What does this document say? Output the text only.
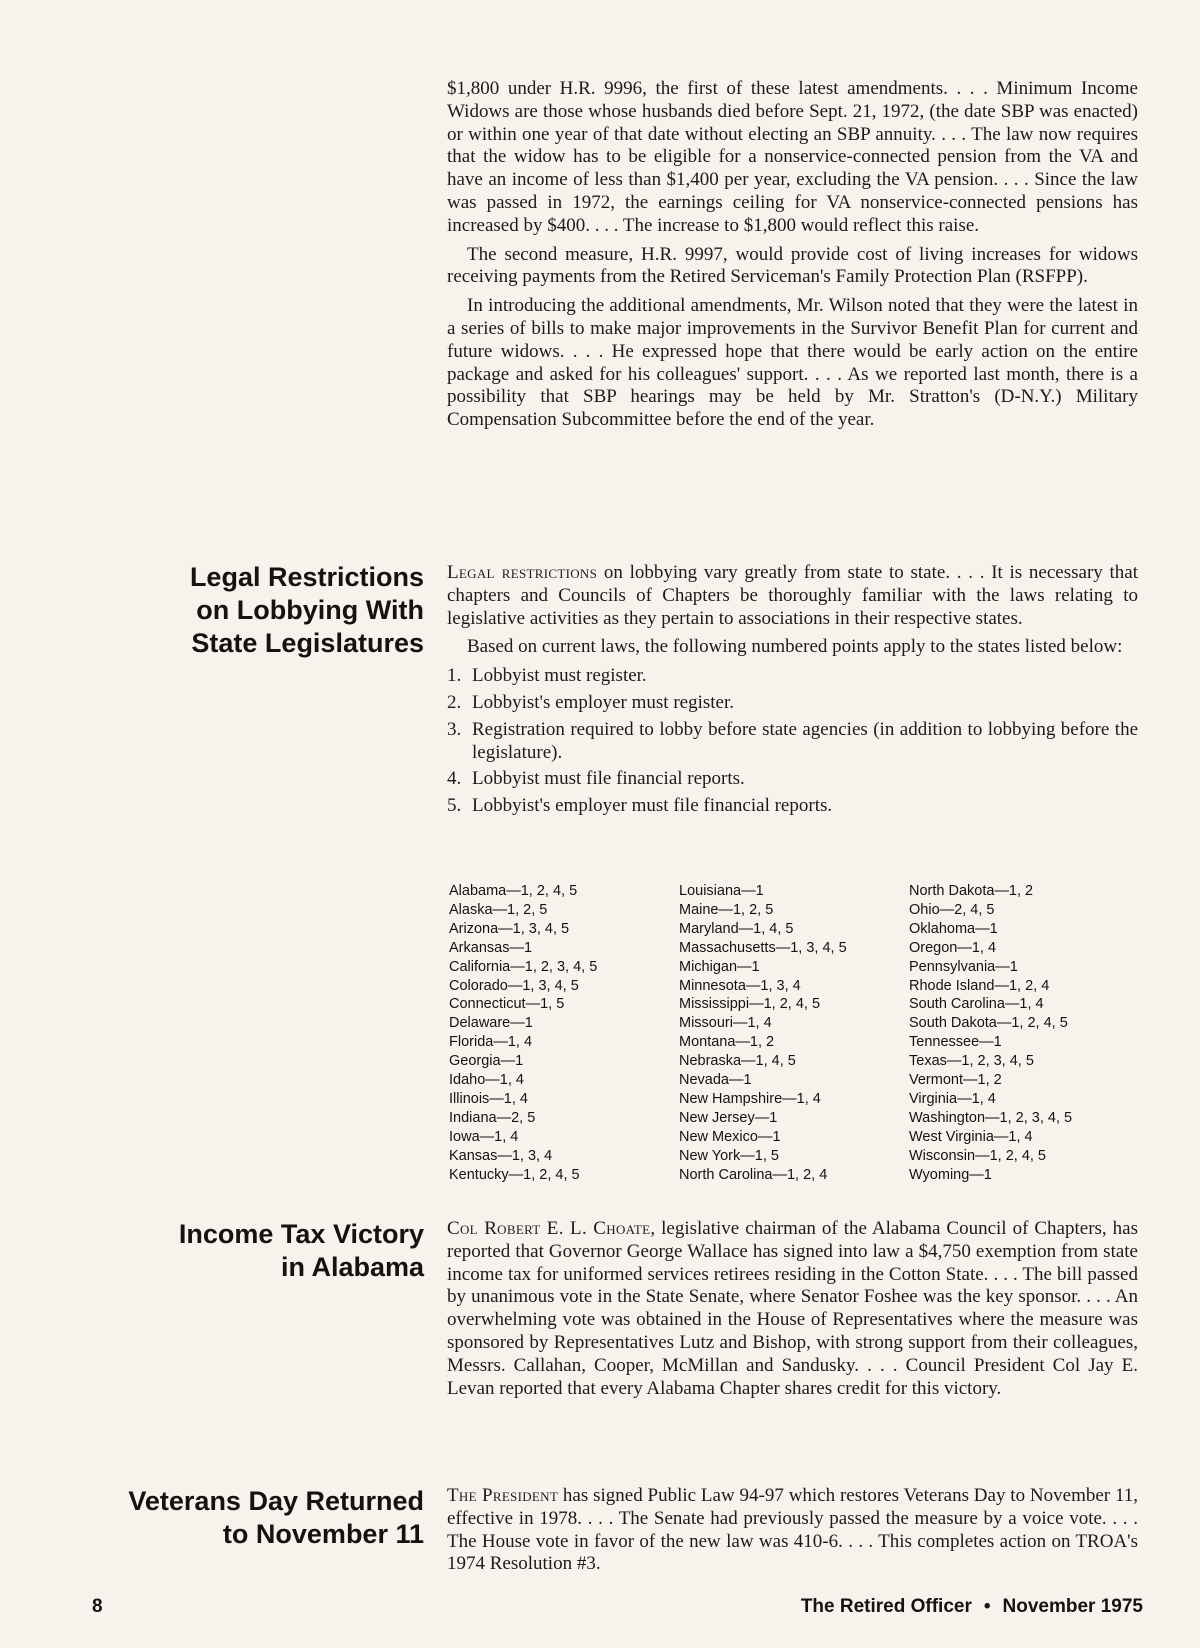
$1,800 under H.R. 9996, the first of these latest amendments. . . . Minimum Income Widows are those whose husbands died before Sept. 21, 1972, (the date SBP was enacted) or within one year of that date without electing an SBP annuity. . . . The law now requires that the widow has to be eligible for a nonservice-connected pension from the VA and have an income of less than $1,400 per year, excluding the VA pension. . . . Since the law was passed in 1972, the earnings ceiling for VA nonservice-connected pensions has increased by $400. . . . The increase to $1,800 would reflect this raise.

The second measure, H.R. 9997, would provide cost of living increases for widows receiving payments from the Retired Serviceman's Family Protection Plan (RSFPP).

In introducing the additional amendments, Mr. Wilson noted that they were the latest in a series of bills to make major improvements in the Survivor Benefit Plan for current and future widows. . . . He expressed hope that there would be early action on the entire package and asked for his colleagues' support. . . . As we reported last month, there is a possibility that SBP hearings may be held by Mr. Stratton's (D-N.Y.) Military Compensation Subcommittee before the end of the year.

Legal Restrictions
on Lobbying With
State Legislatures

Legal restrictions on lobbying vary greatly from state to state. . . . It is necessary that chapters and Councils of Chapters be thoroughly familiar with the laws relating to legislative activities as they pertain to associations in their respective states.

Based on current laws, the following numbered points apply to the states listed below:

1. Lobbyist must register.
2. Lobbyist's employer must register.
3. Registration required to lobby before state agencies (in addition to lobbying before the legislature).
4. Lobbyist must file financial reports.
5. Lobbyist's employer must file financial reports.
Alabama—1, 2, 4, 5
Alaska—1, 2, 5
Arizona—1, 3, 4, 5
Arkansas—1
California—1, 2, 3, 4, 5
Colorado—1, 3, 4, 5
Connecticut—1, 5
Delaware—1
Florida—1, 4
Georgia—1
Idaho—1, 4
Illinois—1, 4
Indiana—2, 5
Iowa—1, 4
Kansas—1, 3, 4
Kentucky—1, 2, 4, 5
Louisiana—1
Maine—1, 2, 5
Maryland—1, 4, 5
Massachusetts—1, 3, 4, 5
Michigan—1
Minnesota—1, 3, 4
Mississippi—1, 2, 4, 5
Missouri—1, 4
Montana—1, 2
Nebraska—1, 4, 5
Nevada—1
New Hampshire—1, 4
New Jersey—1
New Mexico—1
New York—1, 5
North Carolina—1, 2, 4
North Dakota—1, 2
Ohio—2, 4, 5
Oklahoma—1
Oregon—1, 4
Pennsylvania—1
Rhode Island—1, 2, 4
South Carolina—1, 4
South Dakota—1, 2, 4, 5
Tennessee—1
Texas—1, 2, 3, 4, 5
Vermont—1, 2
Virginia—1, 4
Washington—1, 2, 3, 4, 5
West Virginia—1, 4
Wisconsin—1, 2, 4, 5
Wyoming—1
Income Tax Victory
in Alabama

Col Robert E. L. Choate, legislative chairman of the Alabama Council of Chapters, has reported that Governor George Wallace has signed into law a $4,750 exemption from state income tax for uniformed services retirees residing in the Cotton State. . . . The bill passed by unanimous vote in the State Senate, where Senator Foshee was the key sponsor. . . . An overwhelming vote was obtained in the House of Representatives where the measure was sponsored by Representatives Lutz and Bishop, with strong support from their colleagues, Messrs. Callahan, Cooper, McMillan and Sandusky. . . . Council President Col Jay E. Levan reported that every Alabama Chapter shares credit for this victory.

Veterans Day Returned
to November 11

The President has signed Public Law 94-97 which restores Veterans Day to November 11, effective in 1978. . . . The Senate had previously passed the measure by a voice vote. . . . The House vote in favor of the new law was 410-6. . . . This completes action on TROA's 1974 Resolution #3.

8	The Retired Officer • November 1975
